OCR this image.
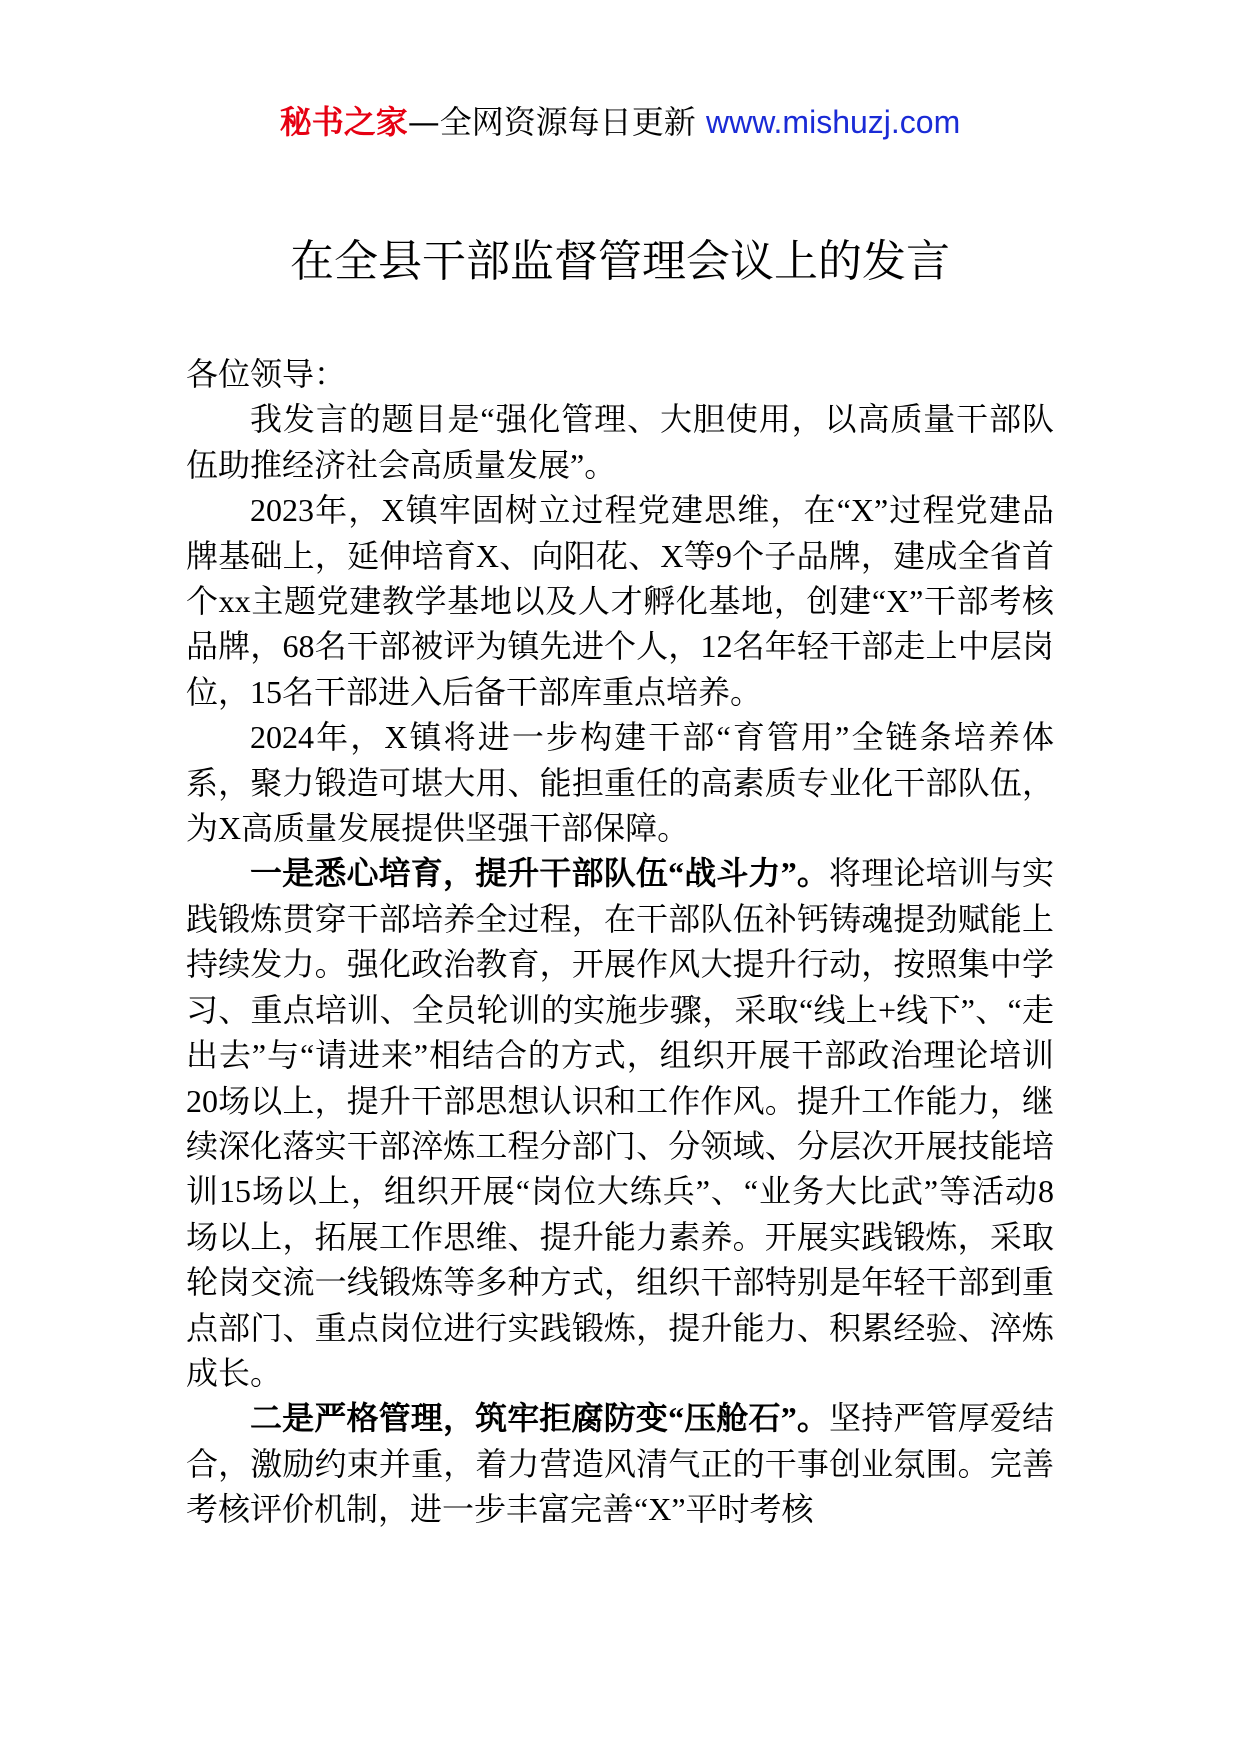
秘书之家—全网资源每日更新 www.mishuzj.com
在全县干部监督管理会议上的发言

各位领导：

我发言的题目是“强化管理、大胆使用，以高质量干部队伍助推经济社会高质量发展”。

2023年，X镇牢固树立过程党建思维，在“X”过程党建品牌基础上，延伸培育X、向阳花、X等9个子品牌，建成全省首个xx主题党建教学基地以及人才孵化基地，创建“X”干部考核品牌，68名干部被评为镇先进个人，12名年轻干部走上中层岗位，15名干部进入后备干部库重点培养。

2024年，X镇将进一步构建干部“育管用”全链条培养体系，聚力锻造可堪大用、能担重任的高素质专业化干部队伍，为X高质量发展提供坚强干部保障。

一是悉心培育，提升干部队伍“战斗力”。将理论培训与实践锻炼贯穿干部培养全过程，在干部队伍补钙铸魂提劲赋能上持续发力。强化政治教育，开展作风大提升行动，按照集中学习、重点培训、全员轮训的实施步骤，采取“线上+线下”、“走出去”与“请进来”相结合的方式，组织开展干部政治理论培训20场以上，提升干部思想认识和工作作风。提升工作能力，继续深化落实干部淬炼工程分部门、分领域、分层次开展技能培训15场以上，组织开展“岗位大练兵”、“业务大比武”等活动8场以上，拓展工作思维、提升能力素养。开展实践锻炼，采取轮岗交流一线锻炼等多种方式，组织干部特别是年轻干部到重点部门、重点岗位进行实践锻炼，提升能力、积累经验、淬炼成长。

二是严格管理，筑牢拒腐防变“压舱石”。坚持严管厚爱结合，激励约束并重，着力营造风清气正的干事创业氛围。完善考核评价机制，进一步丰富完善“X”平时考核
